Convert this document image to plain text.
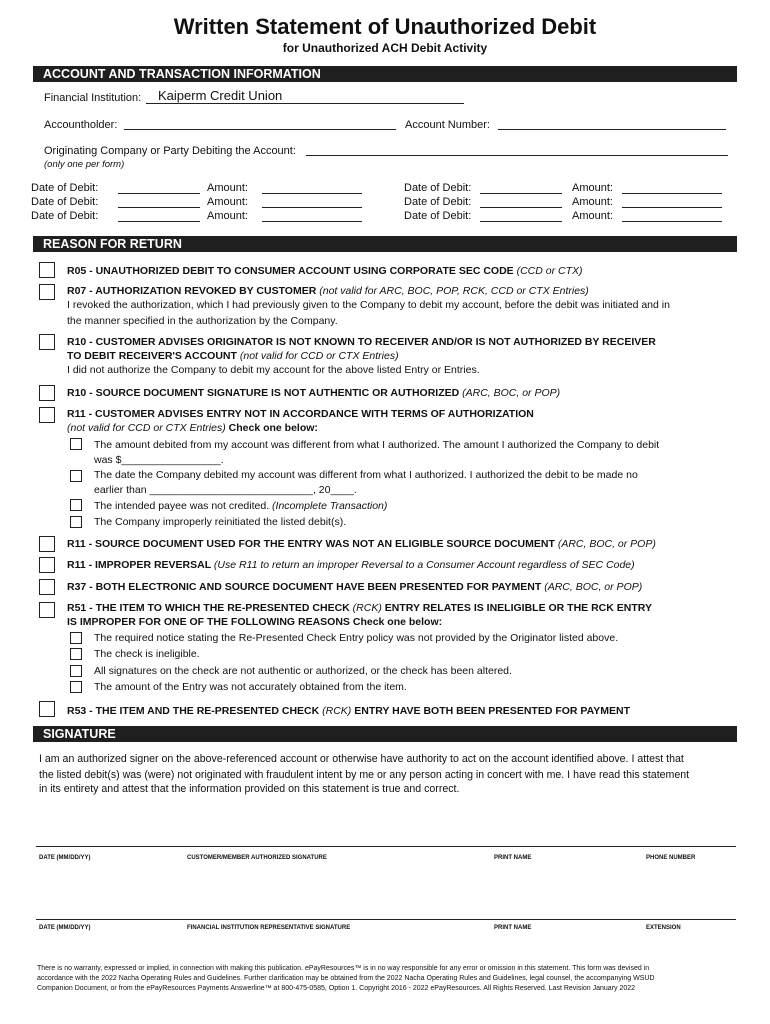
Written Statement of Unauthorized Debit
for Unauthorized ACH Debit Activity
ACCOUNT AND TRANSACTION INFORMATION
Financial Institution:	Kaiperm Credit Union
Accountholder:	Account Number:
Originating Company or Party Debiting the Account:
(only one per form)
Date of Debit:	Amount:
Date of Debit:	Amount:
Date of Debit:	Amount:
Date of Debit:	Amount:
Date of Debit:	Amount:
Date of Debit:	Amount:
REASON FOR RETURN
R05 - UNAUTHORIZED DEBIT TO CONSUMER ACCOUNT USING CORPORATE SEC CODE (CCD or CTX)
R07 - AUTHORIZATION REVOKED BY CUSTOMER (not valid for ARC, BOC, POP, RCK, CCD or CTX Entries)
I revoked the authorization, which I had previously given to the Company to debit my account, before the debit was initiated and in
the manner specified in the authorization by the Company.
R10 - CUSTOMER ADVISES ORIGINATOR IS NOT KNOWN TO RECEIVER AND/OR IS NOT AUTHORIZED BY RECEIVER
TO DEBIT RECEIVER'S ACCOUNT (not valid for CCD or CTX Entries)
I did not authorize the Company to debit my account for the above listed Entry or Entries.
R10 - SOURCE DOCUMENT SIGNATURE IS NOT AUTHENTIC OR AUTHORIZED (ARC, BOC, or POP)
R11 - CUSTOMER ADVISES ENTRY NOT IN ACCORDANCE WITH TERMS OF AUTHORIZATION
(not valid for CCD or CTX Entries) Check one below:
The amount debited from my account was different from what I authorized. The amount I authorized the Company to debit
was $_________________.
The date the Company debited my account was different from what I authorized. I authorized the debit to be made no
earlier than ____________________________, 20____.
The intended payee was not credited. (Incomplete Transaction)
The Company improperly reinitiated the listed debit(s).
R11 - SOURCE DOCUMENT USED FOR THE ENTRY WAS NOT AN ELIGIBLE SOURCE DOCUMENT (ARC, BOC, or POP)
R11 - IMPROPER REVERSAL (Use R11 to return an improper Reversal to a Consumer Account regardless of SEC Code)
R37 - BOTH ELECTRONIC AND SOURCE DOCUMENT HAVE BEEN PRESENTED FOR PAYMENT (ARC, BOC, or POP)
R51 - THE ITEM TO WHICH THE RE-PRESENTED CHECK (RCK) ENTRY RELATES IS INELIGIBLE OR THE RCK ENTRY
IS IMPROPER FOR ONE OF THE FOLLOWING REASONS Check one below:
The required notice stating the Re-Presented Check Entry policy was not provided by the Originator listed above.
The check is ineligible.
All signatures on the check are not authentic or authorized, or the check has been altered.
The amount of the Entry was not accurately obtained from the item.
R53 - THE ITEM AND THE RE-PRESENTED CHECK (RCK) ENTRY HAVE BOTH BEEN PRESENTED FOR PAYMENT
SIGNATURE
I am an authorized signer on the above-referenced account or otherwise have authority to act on the account identified above. I attest that
the listed debit(s) was (were) not originated with fraudulent intent by me or any person acting in concert with me. I have read this statement
in its entirety and attest that the information provided on this statement is true and correct.
DATE (MM/DD/YY)	CUSTOMER/MEMBER AUTHORIZED SIGNATURE	PRINT NAME	PHONE NUMBER
DATE (MM/DD/YY)	FINANCIAL INSTITUTION REPRESENTATIVE SIGNATURE	PRINT NAME	EXTENSION
There is no warranty, expressed or implied, in connection with making this publication. ePayResources™ is in no way responsible for any error or omission in this statement. This form was devised in
accordance with the 2022 Nacha Operating Rules and Guidelines. Further clarification may be obtained from the 2022 Nacha Operating Rules and Guidelines, legal counsel, the accompanying WSUD
Companion Document, or from the ePayResources Payments Answerline™ at 800-475-0585, Option 1. Copyright 2016 - 2022 ePayResources. All Rights Reserved. Last Revision January 2022
